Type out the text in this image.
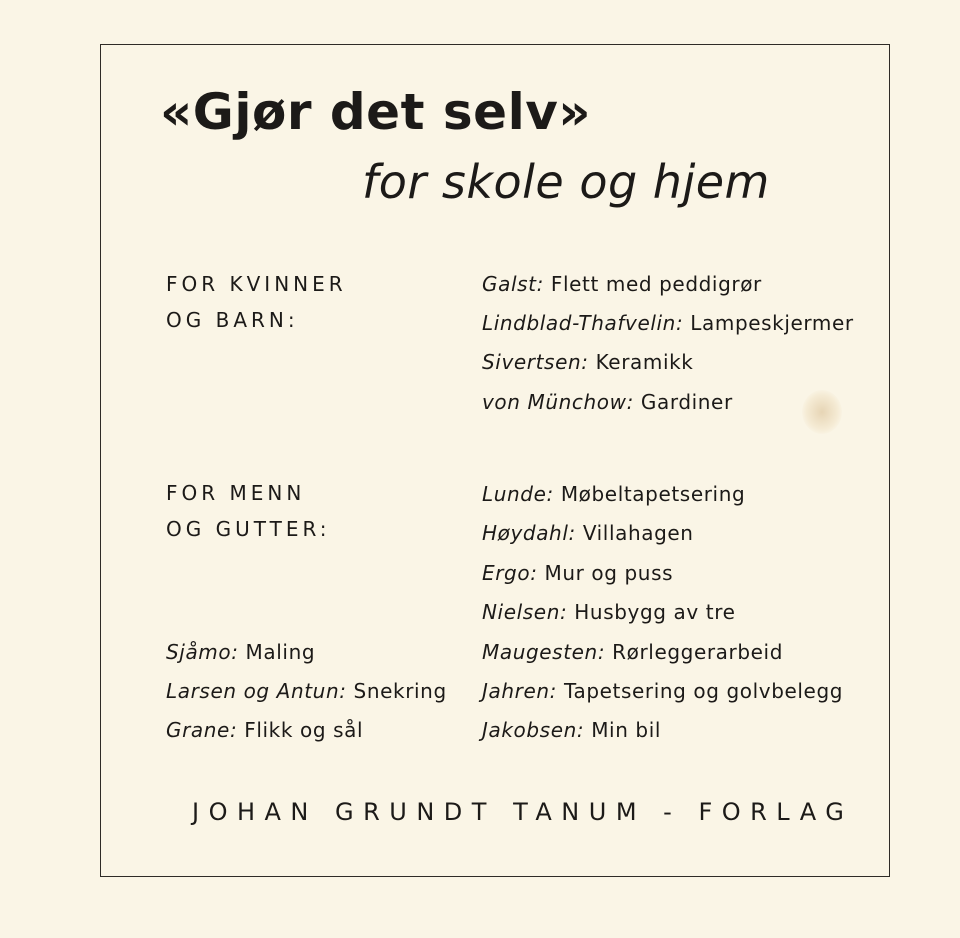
«Gjør det selv»
for skole og hjem
FOR KVINNER
OG BARN:
Galst: Flett med peddigrør
Lindblad-Thafvelin: Lampeskjermer
Sivertsen: Keramikk
von Münchow: Gardiner
FOR MENN
OG GUTTER:
Lunde: Møbeltapetsering
Høydahl: Villahagen
Ergo: Mur og puss
Nielsen: Husbygg av tre
Maugesten: Rørleggerarbeid
Jahren: Tapetsering og golvbelegg
Jakobsen: Min bil
Sjåmo: Maling
Larsen og Antun: Snekring
Grane: Flikk og sål
JOHAN GRUNDT TANUM - FORLAG
